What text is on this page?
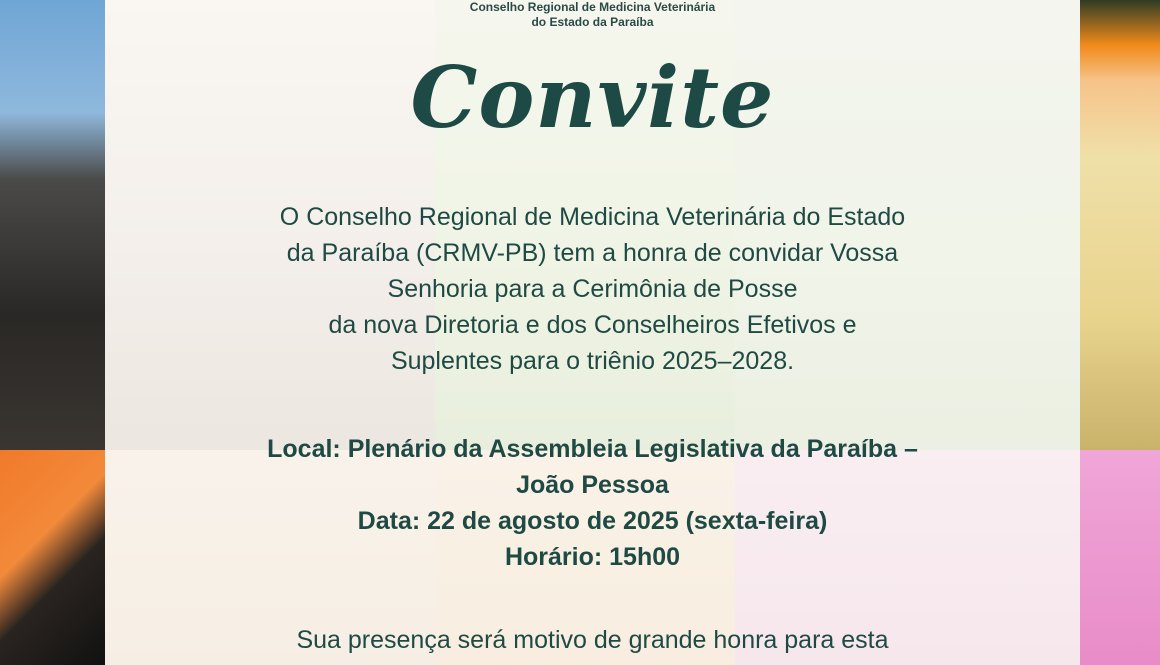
Conselho Regional de Medicina Veterinária
do Estado da Paraíba
Convite
O Conselho Regional de Medicina Veterinária do Estado
da Paraíba (CRMV-PB) tem a honra de convidar Vossa
Senhoria para a Cerimônia de Posse
da nova Diretoria e dos Conselheiros Efetivos e
Suplentes para o triênio 2025–2028.
Local: Plenário da Assembleia Legislativa da Paraíba –
João Pessoa
Data: 22 de agosto de 2025 (sexta-feira)
Horário: 15h00
Sua presença será motivo de grande honra para esta
